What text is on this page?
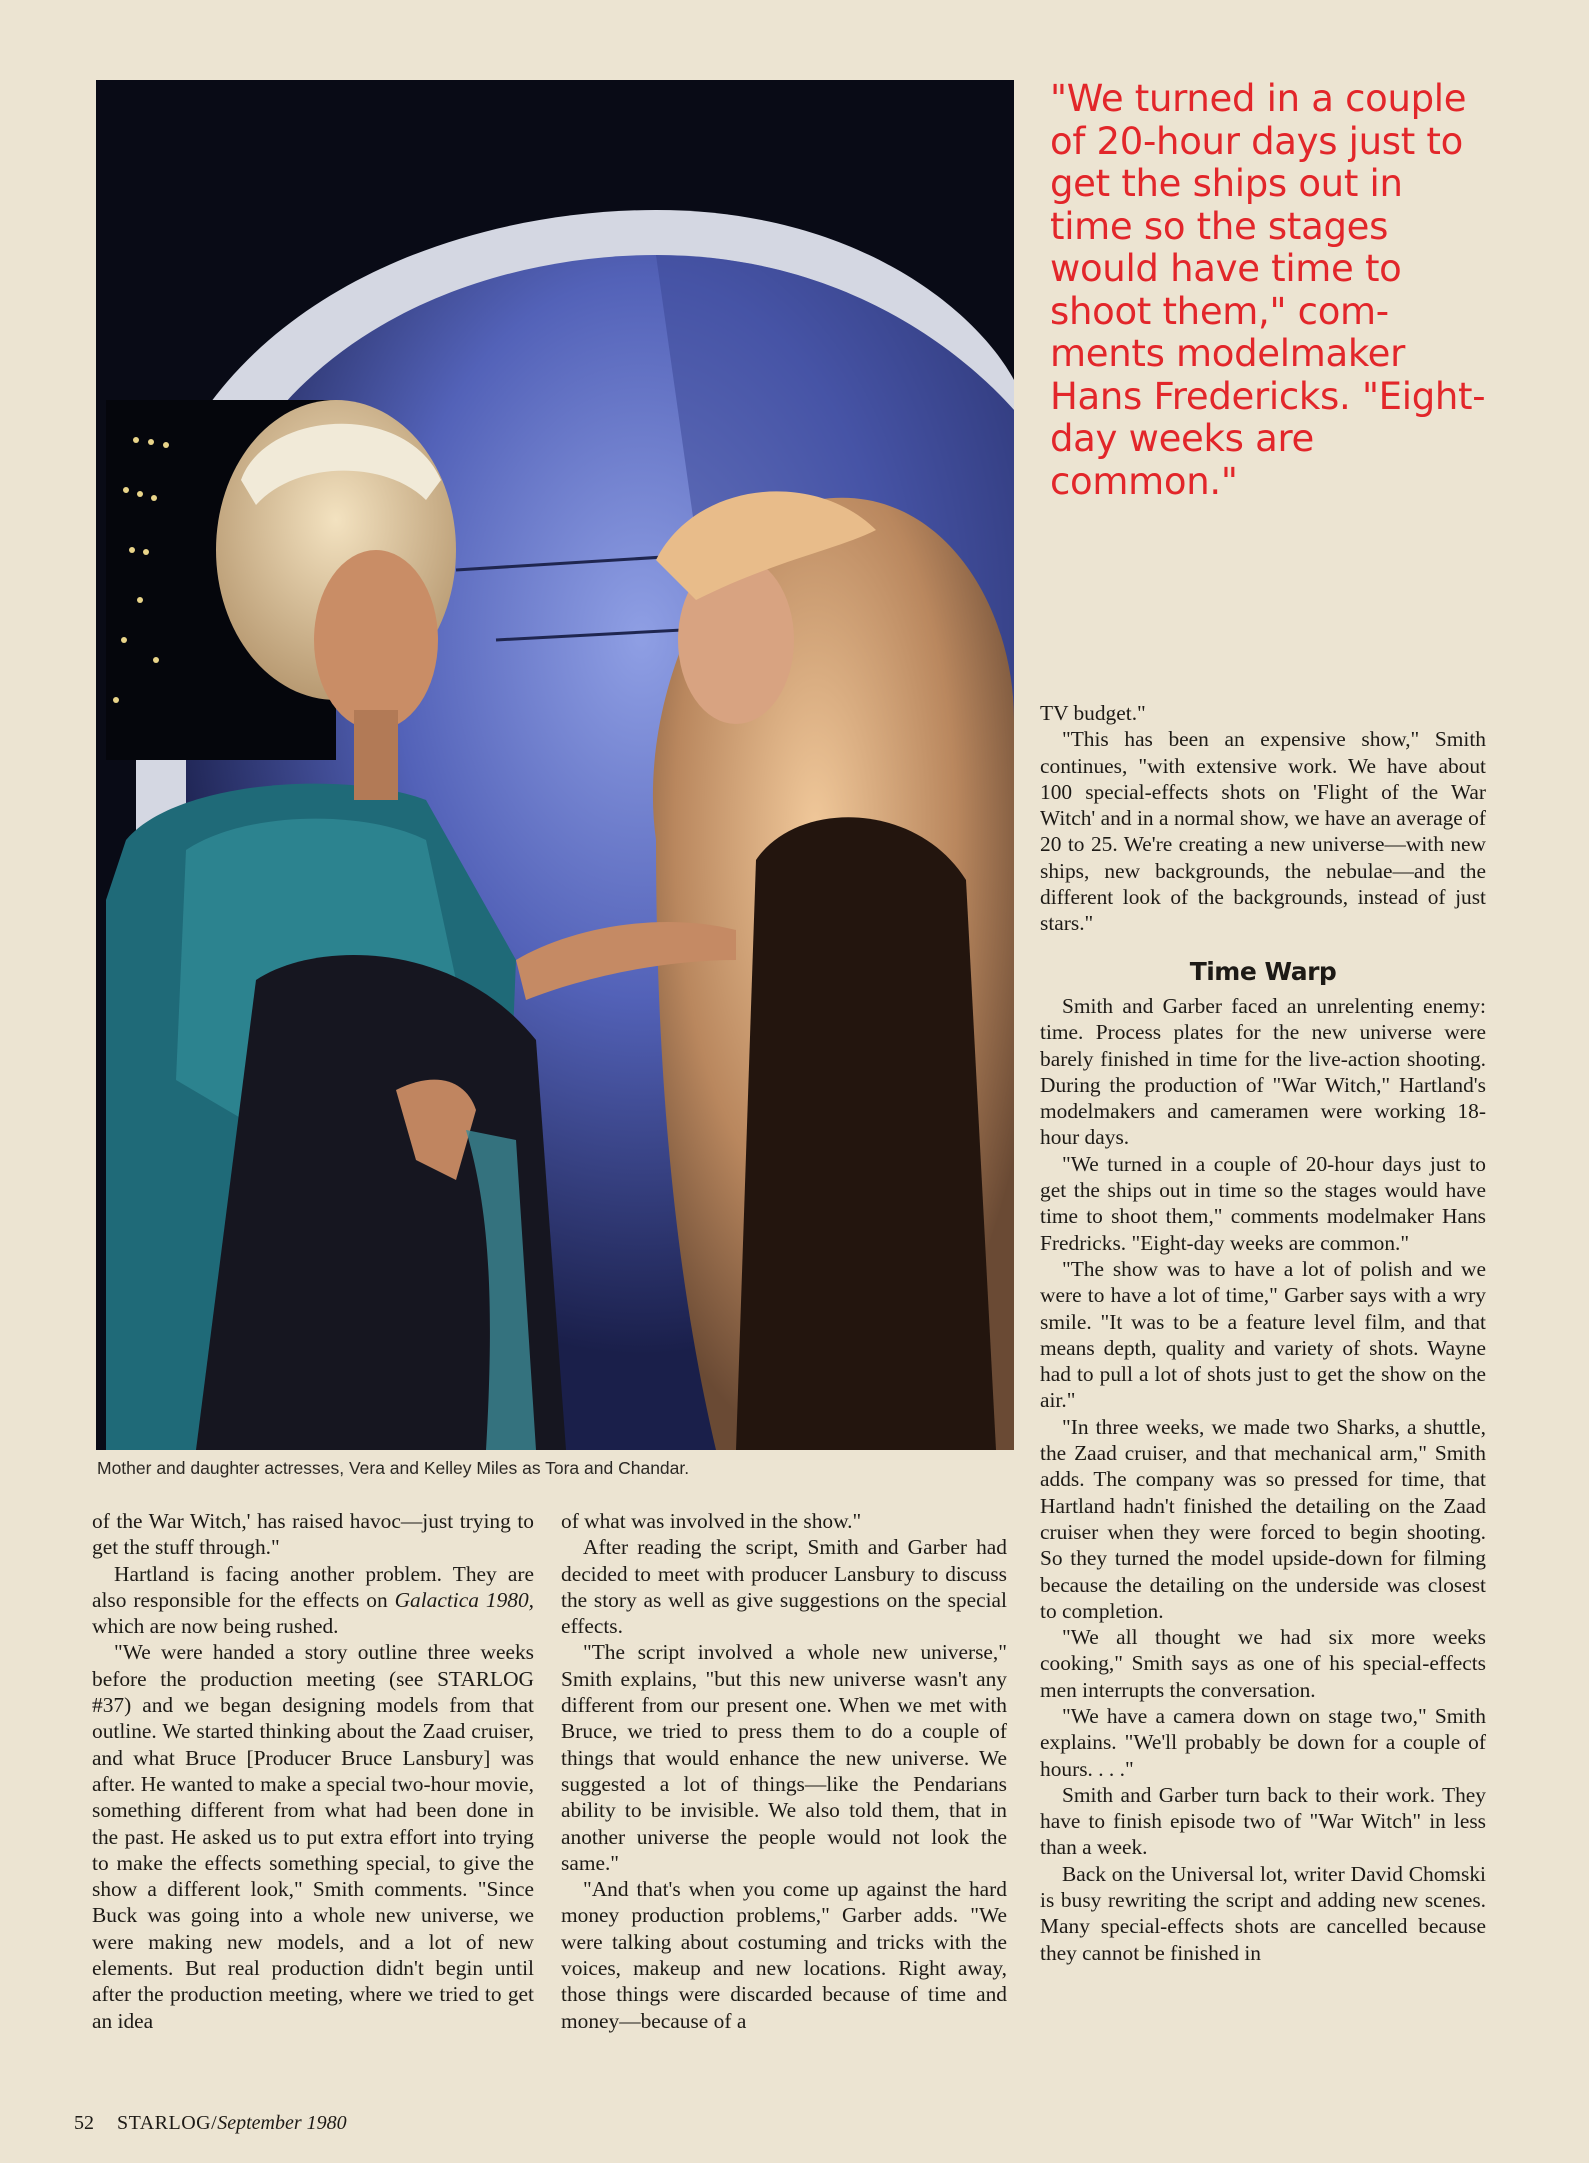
Mother and daughter actresses, Vera and Kelley Miles as Tora and Chandar.
"We turned in a couple
of 20-hour days just to
get the ships out in
time so the stages
would have time to
shoot them," com-
ments modelmaker
Hans Fredericks. "Eight-
day weeks are
common."

of the War Witch,' has raised havoc—just trying to get the stuff through."

Hartland is facing another problem. They are also responsible for the effects on Galactica 1980, which are now being rushed.

"We were handed a story outline three weeks before the production meeting (see STARLOG #37) and we began designing models from that outline. We started thinking about the Zaad cruiser, and what Bruce [Producer Bruce Lansbury] was after. He wanted to make a special two-hour movie, something different from what had been done in the past. He asked us to put extra effort into trying to make the effects something special, to give the show a different look," Smith comments. "Since Buck was going into a whole new universe, we were making new models, and a lot of new elements. But real production didn't begin until after the production meeting, where we tried to get an idea

of what was involved in the show."

After reading the script, Smith and Garber had decided to meet with producer Lansbury to discuss the story as well as give suggestions on the special effects.

"The script involved a whole new universe," Smith explains, "but this new universe wasn't any different from our present one. When we met with Bruce, we tried to press them to do a couple of things that would enhance the new universe. We suggested a lot of things—like the Pendarians ability to be invisible. We also told them, that in another universe the people would not look the same."

"And that's when you come up against the hard money production problems," Garber adds. "We were talking about costuming and tricks with the voices, makeup and new locations. Right away, those things were discarded because of time and money—because of a

TV budget."

"This has been an expensive show," Smith continues, "with extensive work. We have about 100 special-effects shots on 'Flight of the War Witch' and in a normal show, we have an average of 20 to 25. We're creating a new universe—with new ships, new backgrounds, the nebulae—and the different look of the backgrounds, instead of just stars."

Time Warp

Smith and Garber faced an unrelenting enemy: time. Process plates for the new universe were barely finished in time for the live-action shooting. During the production of "War Witch," Hartland's modelmakers and cameramen were working 18-hour days.

"We turned in a couple of 20-hour days just to get the ships out in time so the stages would have time to shoot them," comments modelmaker Hans Fredricks. "Eight-day weeks are common."

"The show was to have a lot of polish and we were to have a lot of time," Garber says with a wry smile. "It was to be a feature level film, and that means depth, quality and variety of shots. Wayne had to pull a lot of shots just to get the show on the air."

"In three weeks, we made two Sharks, a shuttle, the Zaad cruiser, and that mechanical arm," Smith adds. The company was so pressed for time, that Hartland hadn't finished the detailing on the Zaad cruiser when they were forced to begin shooting. So they turned the model upside-down for filming because the detailing on the underside was closest to completion.

"We all thought we had six more weeks cooking," Smith says as one of his special-effects men interrupts the conversation.

"We have a camera down on stage two," Smith explains. "We'll probably be down for a couple of hours. . . ."

Smith and Garber turn back to their work. They have to finish episode two of "War Witch" in less than a week.

Back on the Universal lot, writer David Chomski is busy rewriting the script and adding new scenes. Many special-effects shots are cancelled because they cannot be finished in

52 STARLOG/September 1980
